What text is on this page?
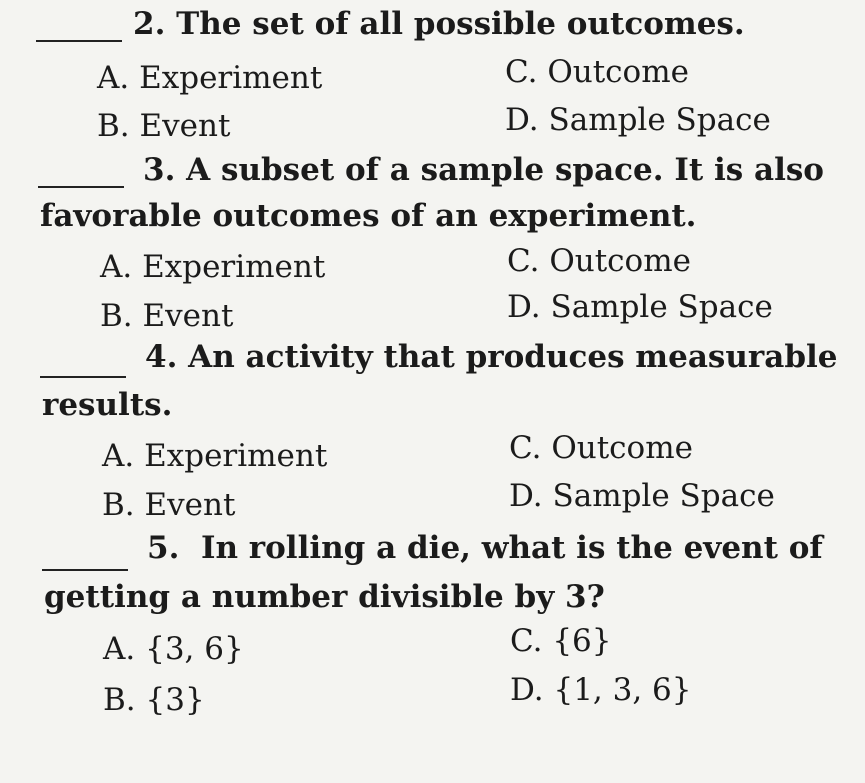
2. The set of all possible outcomes.
A. Experiment	C. Outcome
B. Event	D. Sample Space
3. A subset of a sample space. It is also
favorable outcomes of an experiment.
A. Experiment	C. Outcome
B. Event	D. Sample Space
4. An activity that produces measurable
results.
A. Experiment	C. Outcome
B. Event	D. Sample Space
5.  In rolling a die, what is the event of
getting a number divisible by 3?
A. {3, 6}	C. {6}
B. {3}	D. {1, 3, 6}
